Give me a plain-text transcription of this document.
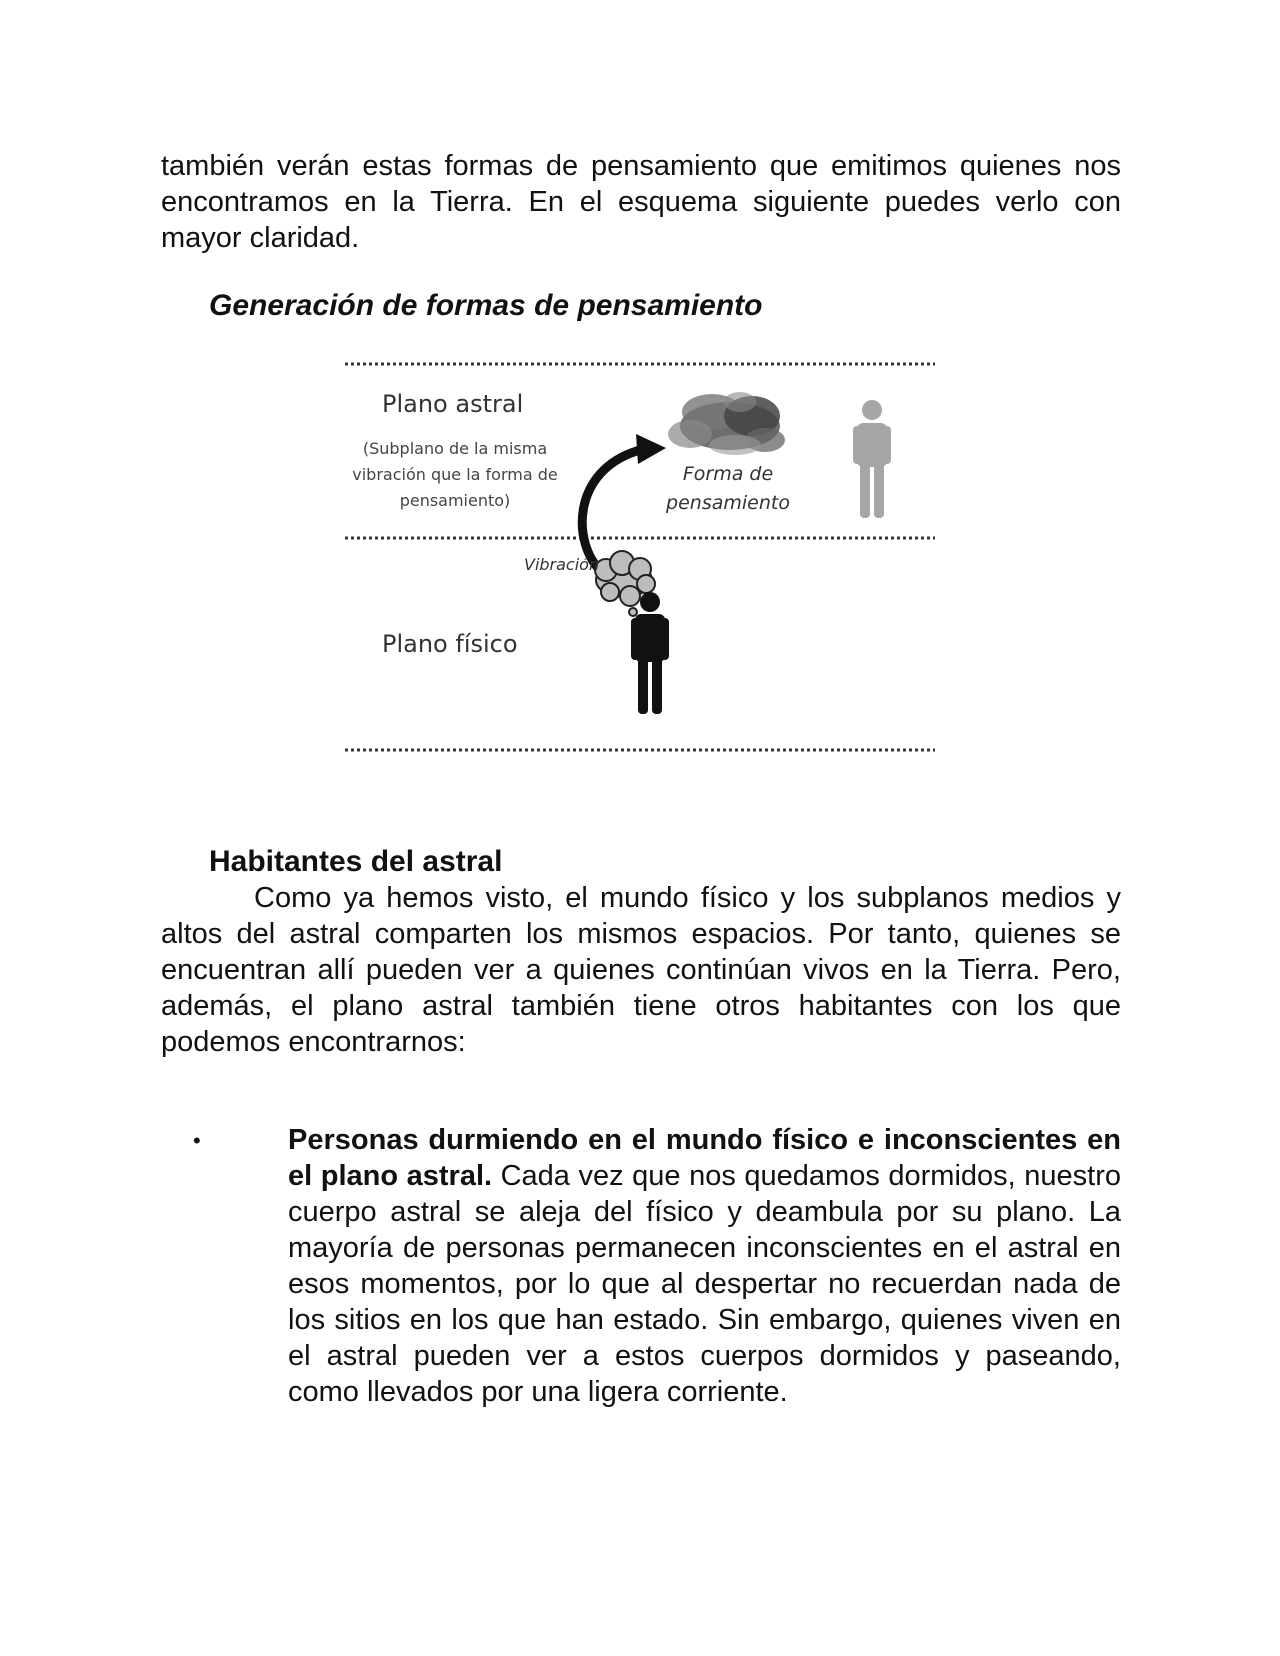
también verán estas formas de pensamiento que emitimos quienes nos encontramos en la Tierra. En el esquema siguiente puedes verlo con mayor claridad.

Generación de formas de pensamiento
Plano astral
(Subplano de la misma vibración que la forma de pensamiento)
Forma de pensamiento
Vibración
Plano físico
Habitantes del astral

Como ya hemos visto, el mundo físico y los subplanos medios y altos del astral comparten los mismos espacios. Por tanto, quienes se encuentran allí pueden ver a quienes continúan vivos en la Tierra. Pero, además, el plano astral también tiene otros habitantes con los que podemos encontrarnos:

•	Personas durmiendo en el mundo físico e inconscientes en el plano astral. Cada vez que nos quedamos dormidos, nuestro cuerpo astral se aleja del físico y deambula por su plano. La mayoría de personas permanecen inconscientes en el astral en esos momentos, por lo que al despertar no recuerdan nada de los sitios en los que han estado. Sin embargo, quienes viven en el astral pueden ver a estos cuerpos dormidos y paseando, como llevados por una ligera corriente.
